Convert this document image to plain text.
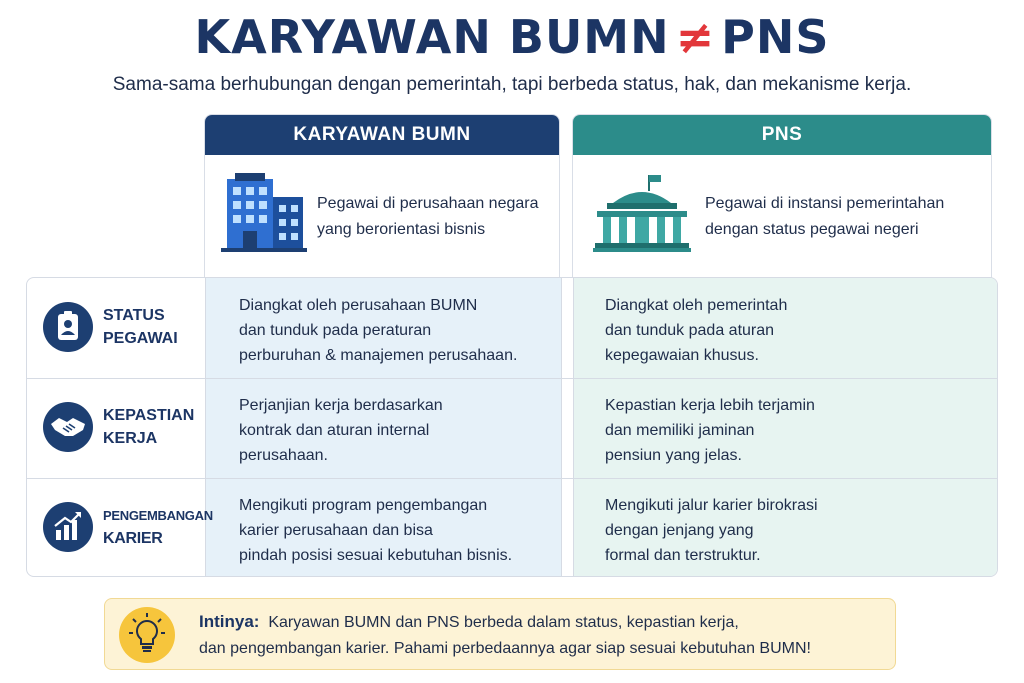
KARYAWAN BUMN ≠ PNS
Sama-sama berhubungan dengan pemerintah, tapi berbeda status, hak, dan mekanisme kerja.
KARYAWAN BUMN
Pegawai di perusahaan negara
yang berorientasi bisnis
PNS
Pegawai di instansi pemerintahan
dengan status pegawai negeri
STATUS
PEGAWAI
Diangkat oleh perusahaan BUMN
dan tunduk pada peraturan
perburuhan & manajemen perusahaan.
Diangkat oleh pemerintah
dan tunduk pada aturan
kepegawaian khusus.
KEPASTIAN
KERJA
Perjanjian kerja berdasarkan
kontrak dan aturan internal
perusahaan.
Kepastian kerja lebih terjamin
dan memiliki jaminan
pensiun yang jelas.
PENGEMBANGAN
KARIER
Mengikuti program pengembangan
karier perusahaan dan bisa
pindah posisi sesuai kebutuhan bisnis.
Mengikuti jalur karier birokrasi
dengan jenjang yang
formal dan terstruktur.
Intinya: Karyawan BUMN dan PNS berbeda dalam status, kepastian kerja,
dan pengembangan karier. Pahami perbedaannya agar siap sesuai kebutuhan BUMN!
